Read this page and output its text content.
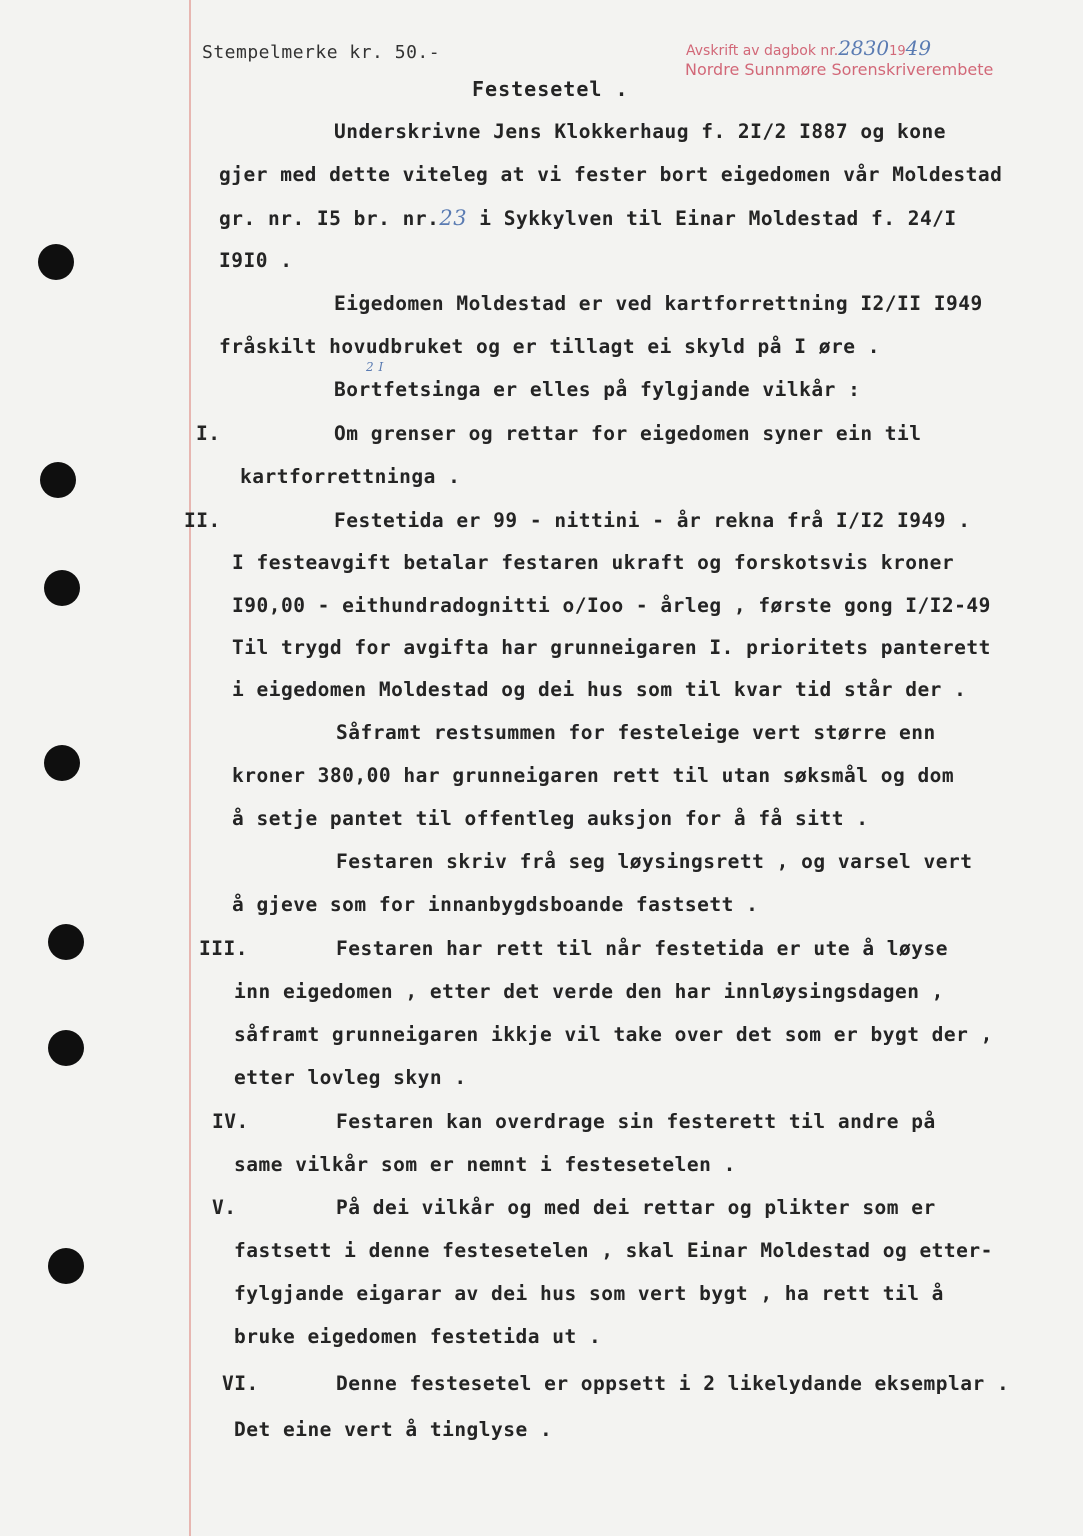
Stempelmerke kr. 50.-	Avskrift av dagbok nr.28301949
Nordre Sunnmøre Sorenskriverembete
Festesetel .
Underskrivne Jens Klokkerhaug f. 2I/2 I887 og kone
gjer med dette viteleg at vi fester bort eigedomen vår Moldestad
gr. nr. I5 br. nr.23 i Sykkylven til Einar Moldestad f. 24/I
I9I0 .
Eigedomen Moldestad er ved kartforrettning I2/II I949
fråskilt hovudbruket og er tillagt ei skyld på I øre .
2 I
Bortfetsinga er elles på fylgjande vilkår :
I.	Om grenser og rettar for eigedomen syner ein til
kartforrettninga .
II.	Festetida er 99 - nittini - år rekna frå I/I2 I949 .
I festeavgift betalar festaren ukraft og forskotsvis kroner
I90,00 - eithundradognitti o/Ioo - årleg , første gong I/I2-49
Til trygd for avgifta har grunneigaren I. prioritets panterett
i eigedomen Moldestad og dei hus som til kvar tid står der .
Såframt restsummen for festeleige vert større enn
kroner 380,00 har grunneigaren rett til utan søksmål og dom
å setje pantet til offentleg auksjon for å få sitt .
Festaren skriv frå seg løysingsrett , og varsel vert
å gjeve som for innanbygdsboande fastsett .
III.	Festaren har rett til når festetida er ute å løyse
inn eigedomen , etter det verde den har innløysingsdagen ,
såframt grunneigaren ikkje vil take over det som er bygt der ,
etter lovleg skyn .
IV.	Festaren kan overdrage sin festerett til andre på
same vilkår som er nemnt i festesetelen .
V.	På dei vilkår og med dei rettar og plikter som er
fastsett i denne festesetelen , skal Einar Moldestad og etter-
fylgjande eigarar av dei hus som vert bygt , ha rett til å
bruke eigedomen festetida ut .
VI.	Denne festesetel er oppsett i 2 likelydande eksemplar .
Det eine vert å tinglyse .
